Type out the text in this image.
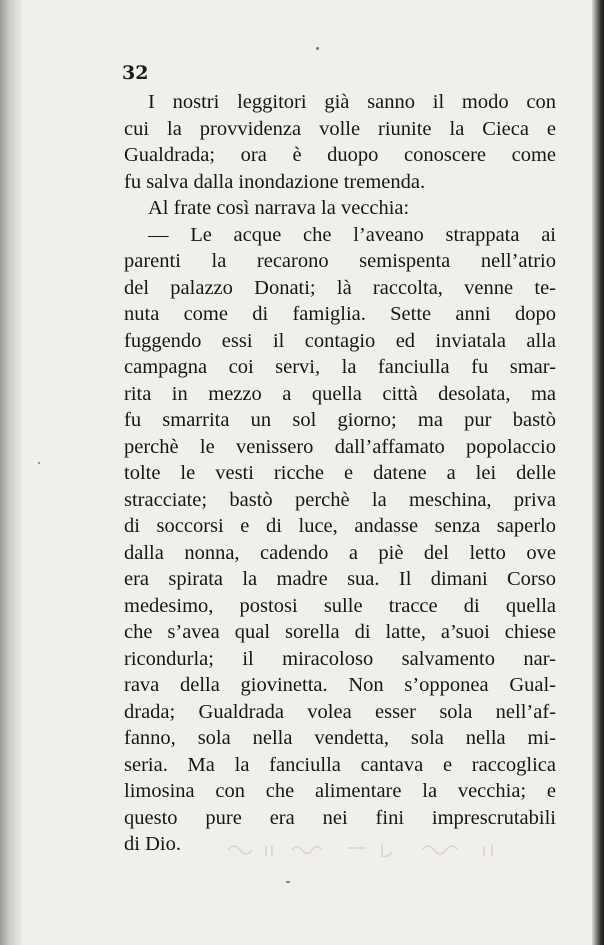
32
I nostri leggitori già sanno il modo con
cui la provvidenza volle riunite la Cieca e
Gualdrada; ora è duopo conoscere come
fu salva dalla inondazione tremenda.
Al frate così narrava la vecchia:
— Le acque che l’aveano strappata ai
parenti la recarono semispenta nell’atrio
del palazzo Donati; là raccolta, venne te-
nuta come di famiglia. Sette anni dopo
fuggendo essi il contagio ed inviatala alla
campagna coi servi, la fanciulla fu smar-
rita in mezzo a quella città desolata, ma
fu smarrita un sol giorno; ma pur bastò
perchè le venissero dall’affamato popolaccio
tolte le vesti ricche e datene a lei delle
stracciate; bastò perchè la meschina, priva
di soccorsi e di luce, andasse senza saperlo
dalla nonna, cadendo a piè del letto ove
era spirata la madre sua. Il dimani Corso
medesimo, postosi sulle tracce di quella
che s’avea qual sorella di latte, a’suoi chiese
ricondurla; il miracoloso salvamento nar-
rava della giovinetta. Non s’opponea Gual-
drada; Gualdrada volea esser sola nell’af-
fanno, sola nella vendetta, sola nella mi-
seria. Ma la fanciulla cantava e raccoglica
limosina con che alimentare la vecchia; e
questo pure era nei fini imprescrutabili
di Dio.
